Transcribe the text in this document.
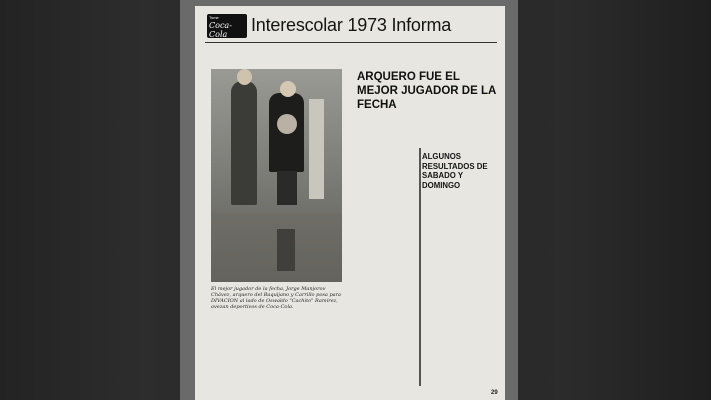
Tome
Coca-Cola	Interescolar 1973 Informa
El mejor jugador de la fecha, Jorge Manjorov Chávez, arquero del Baquijano y Carrillo posa para DIVACION al lado de Oswaldo "Cachito" Ramírez, avezan deportivos de Coca-Cola.
ARQUERO FUE EL MEJOR JUGADOR DE LA FECHA
ALGUNOS RESULTADOS DE SABADO Y DOMINGO
29
